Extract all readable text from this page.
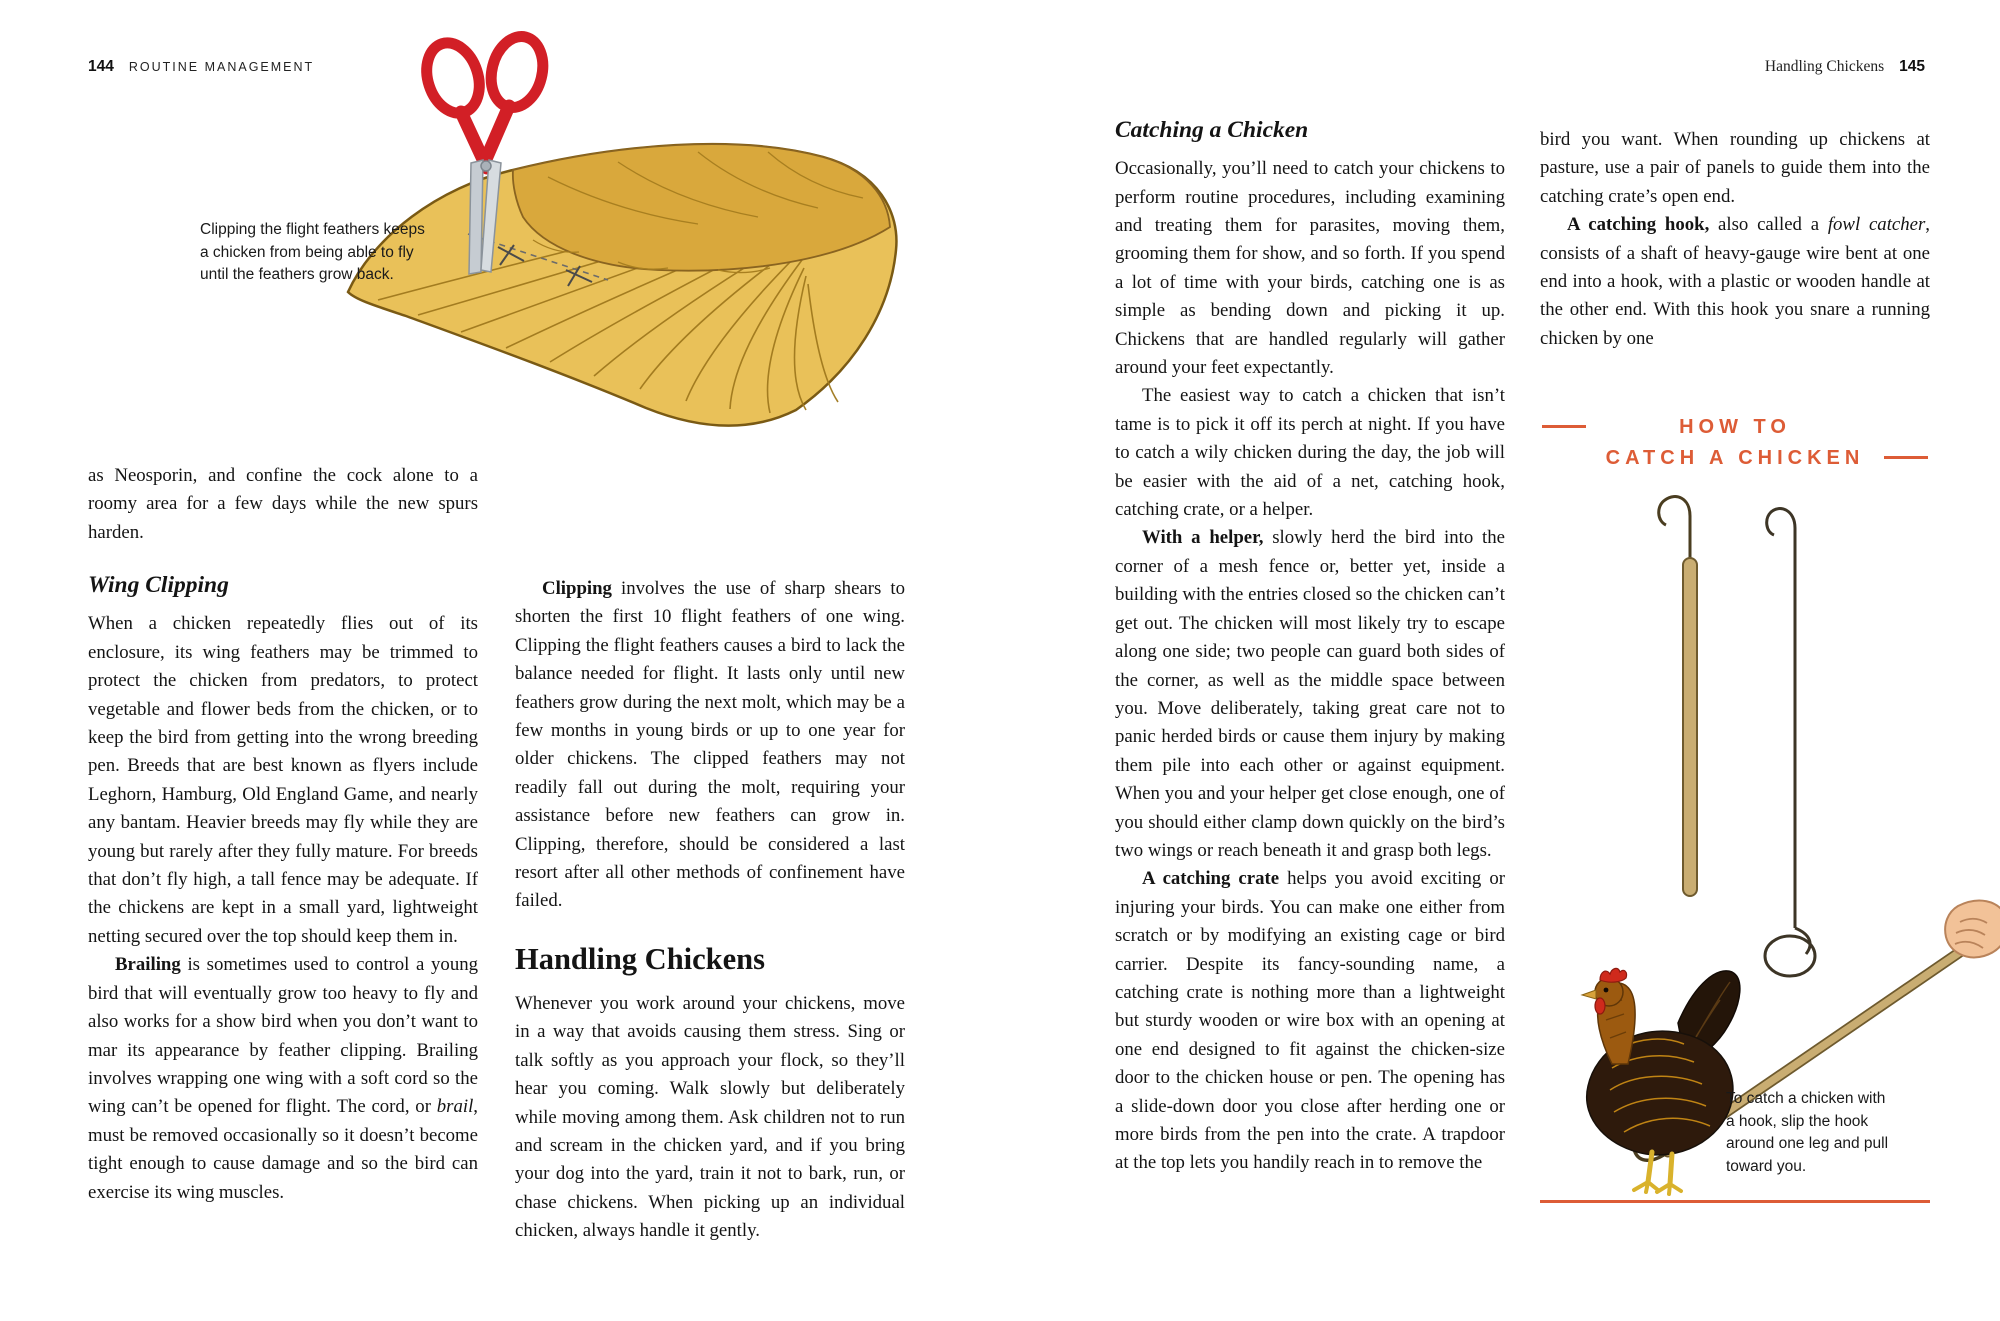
144 ROUTINE MANAGEMENT
Clipping the flight feathers keeps a chicken from being able to fly until the feathers grow back.

as Neosporin, and confine the cock alone to a roomy area for a few days while the new spurs harden.

Wing Clipping

When a chicken repeatedly flies out of its enclosure, its wing feathers may be trimmed to protect the chicken from predators, to protect vegetable and flower beds from the chicken, or to keep the bird from getting into the wrong breeding pen. Breeds that are best known as flyers include Leghorn, Hamburg, Old England Game, and nearly any bantam. Heavier breeds may fly while they are young but rarely after they fully mature. For breeds that don’t fly high, a tall fence may be adequate. If the chickens are kept in a small yard, lightweight netting secured over the top should keep them in.

Brailing is sometimes used to control a young bird that will eventually grow too heavy to fly and also works for a show bird when you don’t want to mar its appearance by feather clipping. Brailing involves wrapping one wing with a soft cord so the wing can’t be opened for flight. The cord, or brail, must be removed occasionally so it doesn’t become tight enough to cause damage and so the bird can exercise its wing muscles.

Clipping involves the use of sharp shears to shorten the first 10 flight feathers of one wing. Clipping the flight feathers causes a bird to lack the balance needed for flight. It lasts only until new feathers grow during the next molt, which may be a few months in young birds or up to one year for older chickens. The clipped feathers may not readily fall out during the molt, requiring your assistance before new feathers can grow in. Clipping, therefore, should be considered a last resort after all other methods of confinement have failed.

Handling Chickens

Whenever you work around your chickens, move in a way that avoids causing them stress. Sing or talk softly as you approach your flock, so they’ll hear you coming. Walk slowly but deliberately while moving among them. Ask children not to run and scream in the chicken yard, and if you bring your dog into the yard, train it not to bark, run, or chase chickens. When picking up an individual chicken, always handle it gently.

Handling Chickens 145
Catching a Chicken

Occasionally, you’ll need to catch your chickens to perform routine procedures, including examining and treating them for parasites, moving them, grooming them for show, and so forth. If you spend a lot of time with your birds, catching one is as simple as bending down and picking it up. Chickens that are handled regularly will gather around your feet expectantly.

The easiest way to catch a chicken that isn’t tame is to pick it off its perch at night. If you have to catch a wily chicken during the day, the job will be easier with the aid of a net, catching hook, catching crate, or a helper.

With a helper, slowly herd the bird into the corner of a mesh fence or, better yet, inside a building with the entries closed so the chicken can’t get out. The chicken will most likely try to escape along one side; two people can guard both sides of the corner, as well as the middle space between you. Move deliberately, taking great care not to panic herded birds or cause them injury by making them pile into each other or against equipment. When you and your helper get close enough, one of you should either clamp down quickly on the bird’s two wings or reach beneath it and grasp both legs.

A catching crate helps you avoid exciting or injuring your birds. You can make one either from scratch or by modifying an existing cage or bird carrier. Despite its fancy-sounding name, a catching crate is nothing more than a lightweight but sturdy wooden or wire box with an opening at one end designed to fit against the chicken-size door to the chicken house or pen. The opening has a slide-down door you close after herding one or more birds from the pen into the crate. A trapdoor at the top lets you handily reach in to remove the

bird you want. When rounding up chickens at pasture, use a pair of panels to guide them into the catching crate’s open end.

A catching hook, also called a fowl catcher, consists of a shaft of heavy-gauge wire bent at one end into a hook, with a plastic or wooden handle at the other end. With this hook you snare a running chicken by one

HOW TO
CATCH A CHICKEN
To catch a chicken with a hook, slip the hook around one leg and pull toward you.
